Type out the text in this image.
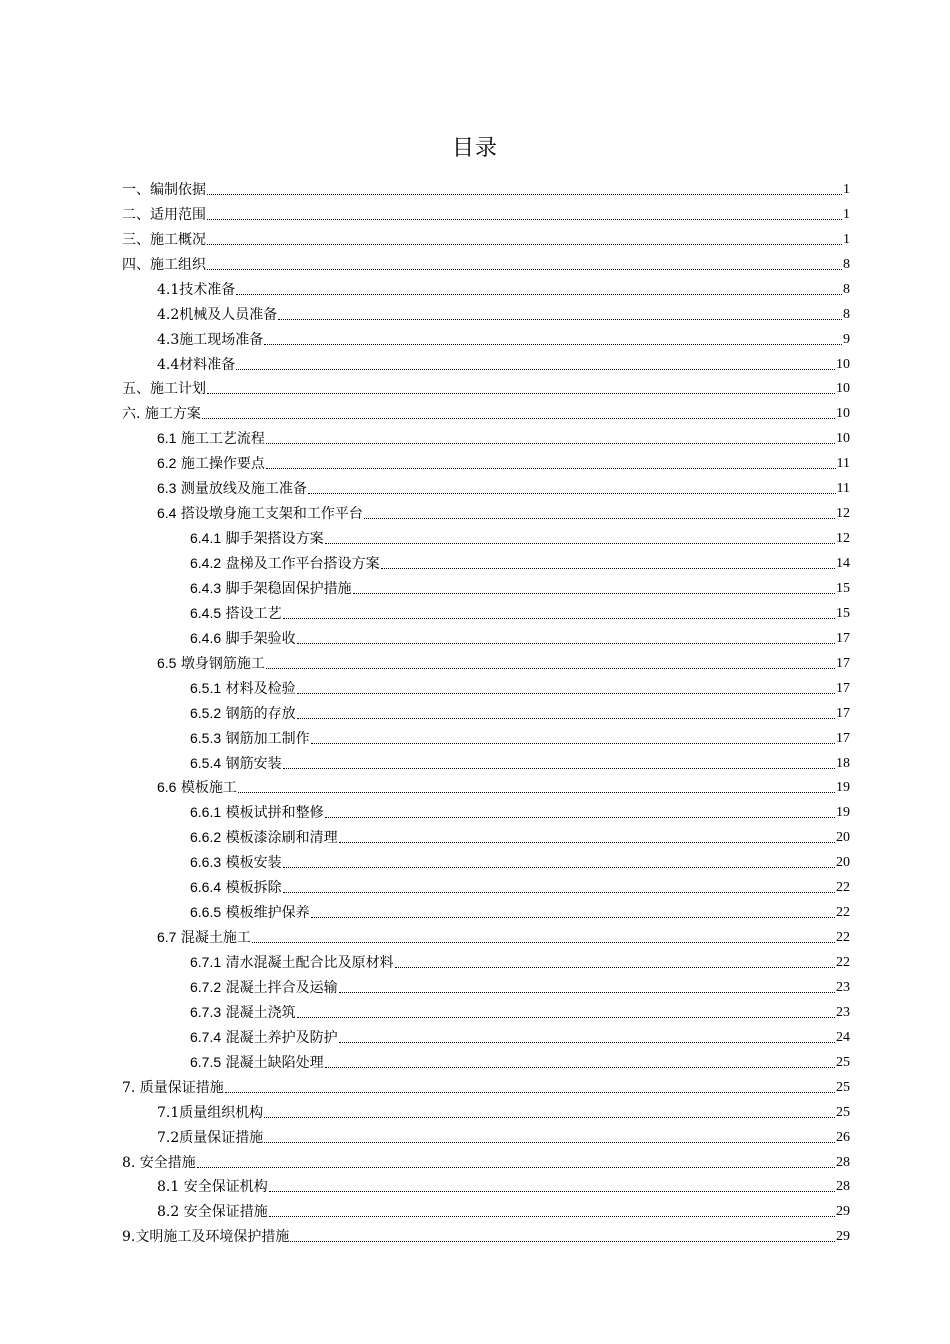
目录
一、编制依据	1
二、适用范围	1
三、施工概况	1
四、施工组织	8
4.1技术准备	8
4.2机械及人员准备	8
4.3施工现场准备	9
4.4材料准备	10
五、施工计划	10
六. 施工方案	10
6.1 施工工艺流程	10
6.2 施工操作要点	11
6.3 测量放线及施工准备	11
6.4 搭设墩身施工支架和工作平台	12
6.4.1 脚手架搭设方案	12
6.4.2 盘梯及工作平台搭设方案	14
6.4.3 脚手架稳固保护措施	15
6.4.5 搭设工艺	15
6.4.6 脚手架验收	17
6.5 墩身钢筋施工	17
6.5.1 材料及检验	17
6.5.2 钢筋的存放	17
6.5.3 钢筋加工制作	17
6.5.4 钢筋安装	18
6.6 模板施工	19
6.6.1 模板试拼和整修	19
6.6.2 模板漆涂刷和清理	20
6.6.3 模板安装	20
6.6.4 模板拆除	22
6.6.5 模板维护保养	22
6.7 混凝土施工	22
6.7.1 清水混凝土配合比及原材料	22
6.7.2 混凝土拌合及运输	23
6.7.3 混凝土浇筑	23
6.7.4 混凝土养护及防护	24
6.7.5 混凝土缺陷处理	25
7. 质量保证措施	25
7.1质量组织机构	25
7.2质量保证措施	26
8. 安全措施	28
8.1 安全保证机构	28
8.2 安全保证措施	29
9.文明施工及环境保护措施	29
